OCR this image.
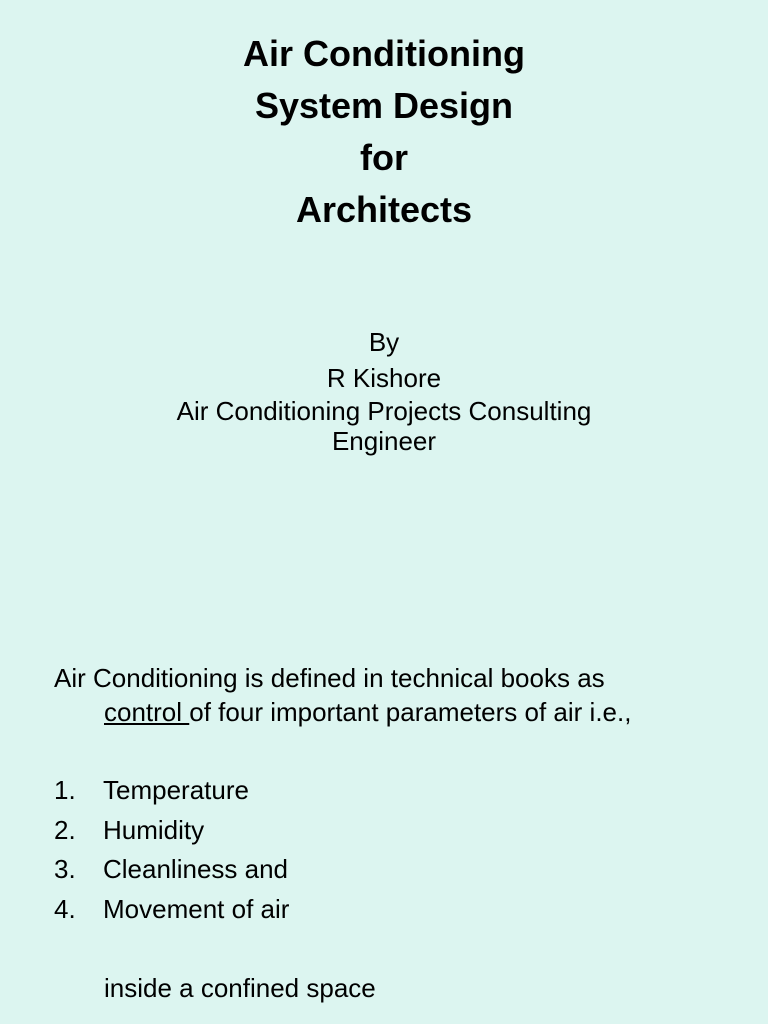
Air Conditioning
System Design
for
Architects
By
R Kishore
Air Conditioning Projects Consulting
Engineer
Air Conditioning is defined in technical books as
control of four important parameters of air i.e.,
1. Temperature
2. Humidity
3. Cleanliness and
4. Movement of air
inside a confined space
